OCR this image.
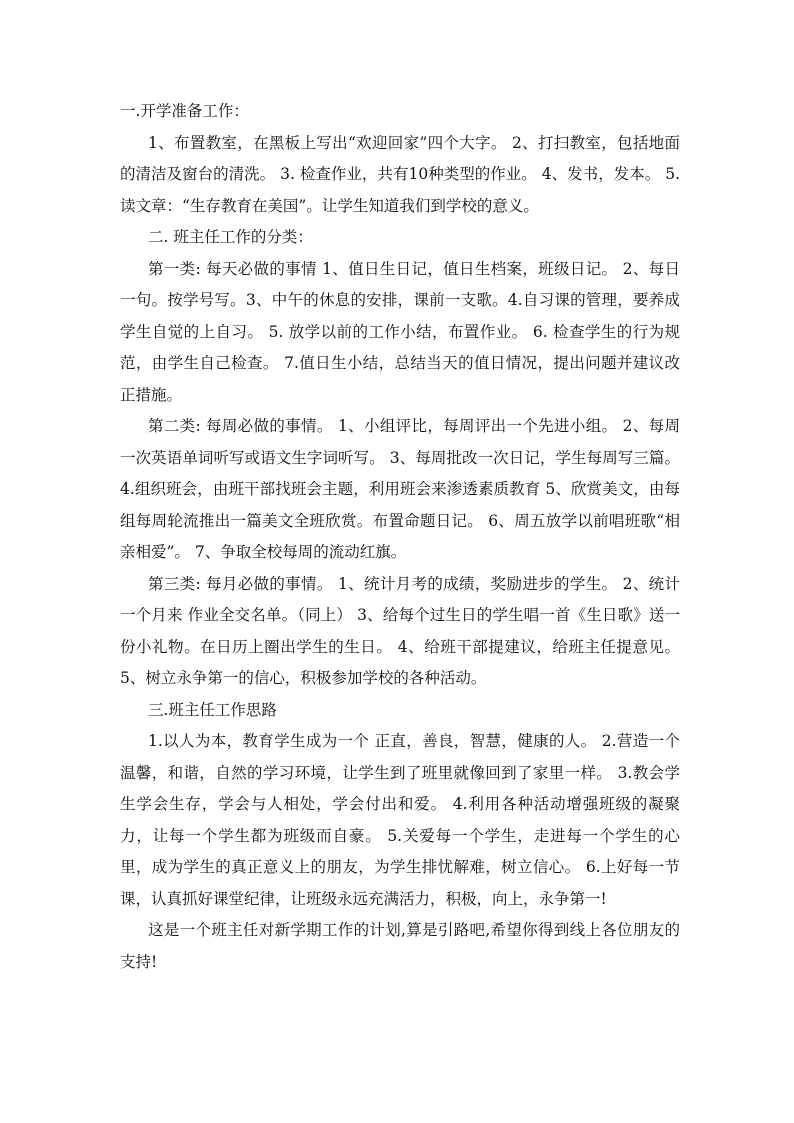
一.开学准备工作：

1、布置教室，在黑板上写出“欢迎回家”四个大字。 2、打扫教室，包括地面的清洁及窗台的清洗。 3. 检查作业，共有10种类型的作业。 4、发书，发本。 5. 读文章：“生存教育在美国”。让学生知道我们到学校的意义。

二. 班主任工作的分类：

第一类: 每天必做的事情 1、值日生日记，值日生档案，班级日记。 2、每日一句。按学号写。3、中午的休息的安排，课前一支歌。4.自习课的管理，要养成学生自觉的上自习。 5. 放学以前的工作小结，布置作业。 6. 检查学生的行为规范，由学生自己检查。 7.值日生小结，总结当天的值日情况，提出问题并建议改正措施。

第二类: 每周必做的事情。 1、小组评比，每周评出一个先进小组。 2、每周一次英语单词听写或语文生字词听写。 3、每周批改一次日记，学生每周写三篇。4.组织班会，由班干部找班会主题，利用班会来渗透素质教育 5、欣赏美文，由每组每周轮流推出一篇美文全班欣赏。布置命题日记。 6、周五放学以前唱班歌“相亲相爱”。 7、争取全校每周的流动红旗。

第三类: 每月必做的事情。 1、统计月考的成绩，奖励进步的学生。 2、统计一个月来 作业全交名单。（同上） 3、给每个过生日的学生唱一首《生日歌》送一份小礼物。在日历上圈出学生的生日。 4、给班干部提建议，给班主任提意见。 5、树立永争第一的信心，积极参加学校的各种活动。

三.班主任工作思路

1.以人为本，教育学生成为一个 正直，善良，智慧，健康的人。 2.营造一个温馨，和谐，自然的学习环境，让学生到了班里就像回到了家里一样。 3.教会学生学会生存，学会与人相处，学会付出和爱。 4.利用各种活动增强班级的凝聚力，让每一个学生都为班级而自豪。 5.关爱每一个学生，走进每一个学生的心里，成为学生的真正意义上的朋友，为学生排忧解难，树立信心。 6.上好每一节课，认真抓好课堂纪律，让班级永远充满活力，积极，向上，永争第一!

这是一个班主任对新学期工作的计划,算是引路吧,希望你得到线上各位朋友的支持!
